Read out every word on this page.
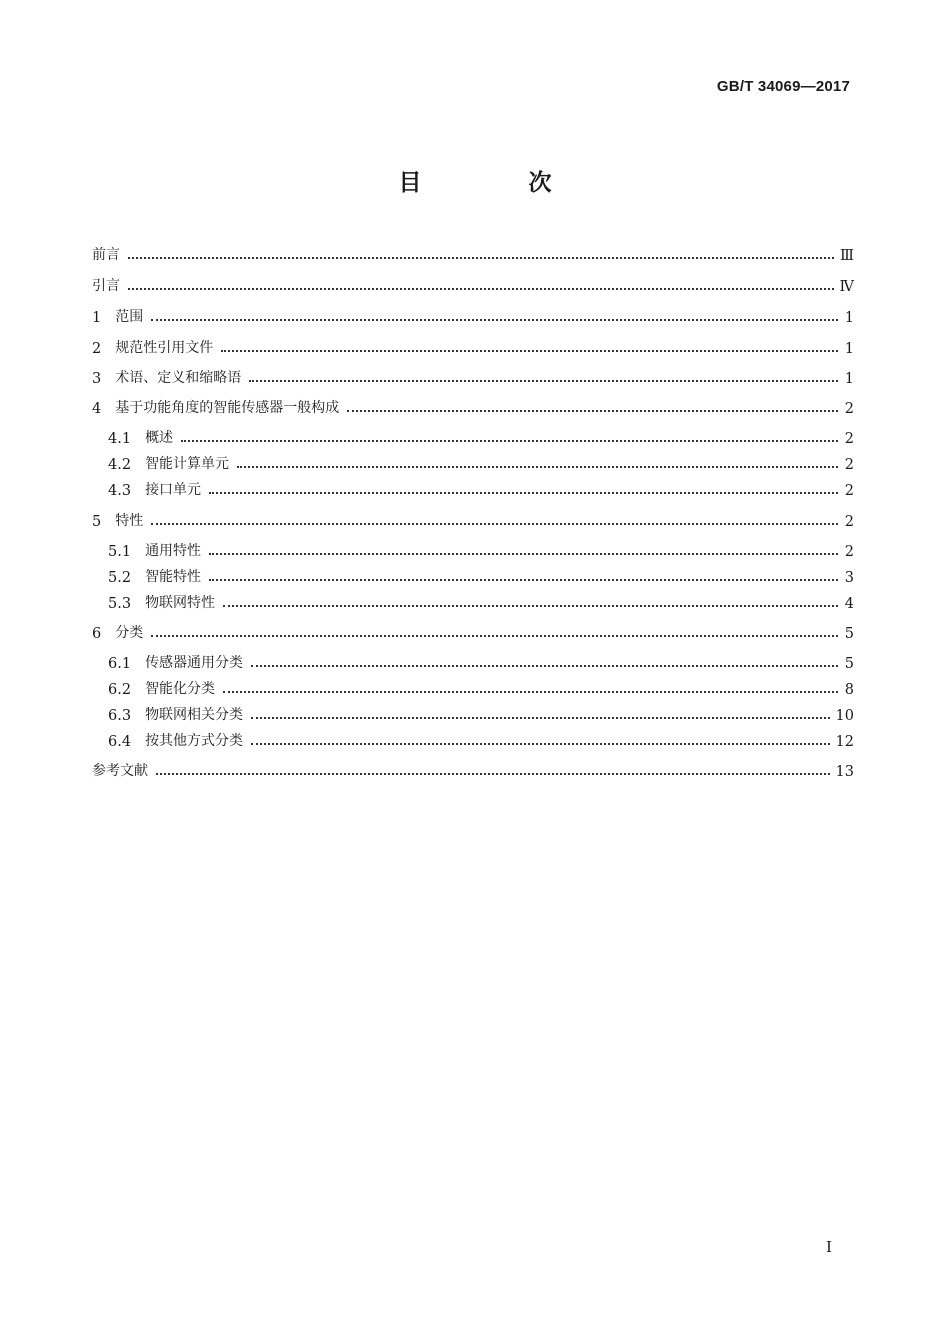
GB/T 34069—2017
目　次
前言	Ⅲ
引言	Ⅳ
1 范围	1
2 规范性引用文件	1
3 术语、定义和缩略语	1
4 基于功能角度的智能传感器一般构成	2
4.1 概述	2
4.2 智能计算单元	2
4.3 接口单元	2
5 特性	2
5.1 通用特性	2
5.2 智能特性	3
5.3 物联网特性	4
6 分类	5
6.1 传感器通用分类	5
6.2 智能化分类	8
6.3 物联网相关分类	10
6.4 按其他方式分类	12
参考文献	13
I
